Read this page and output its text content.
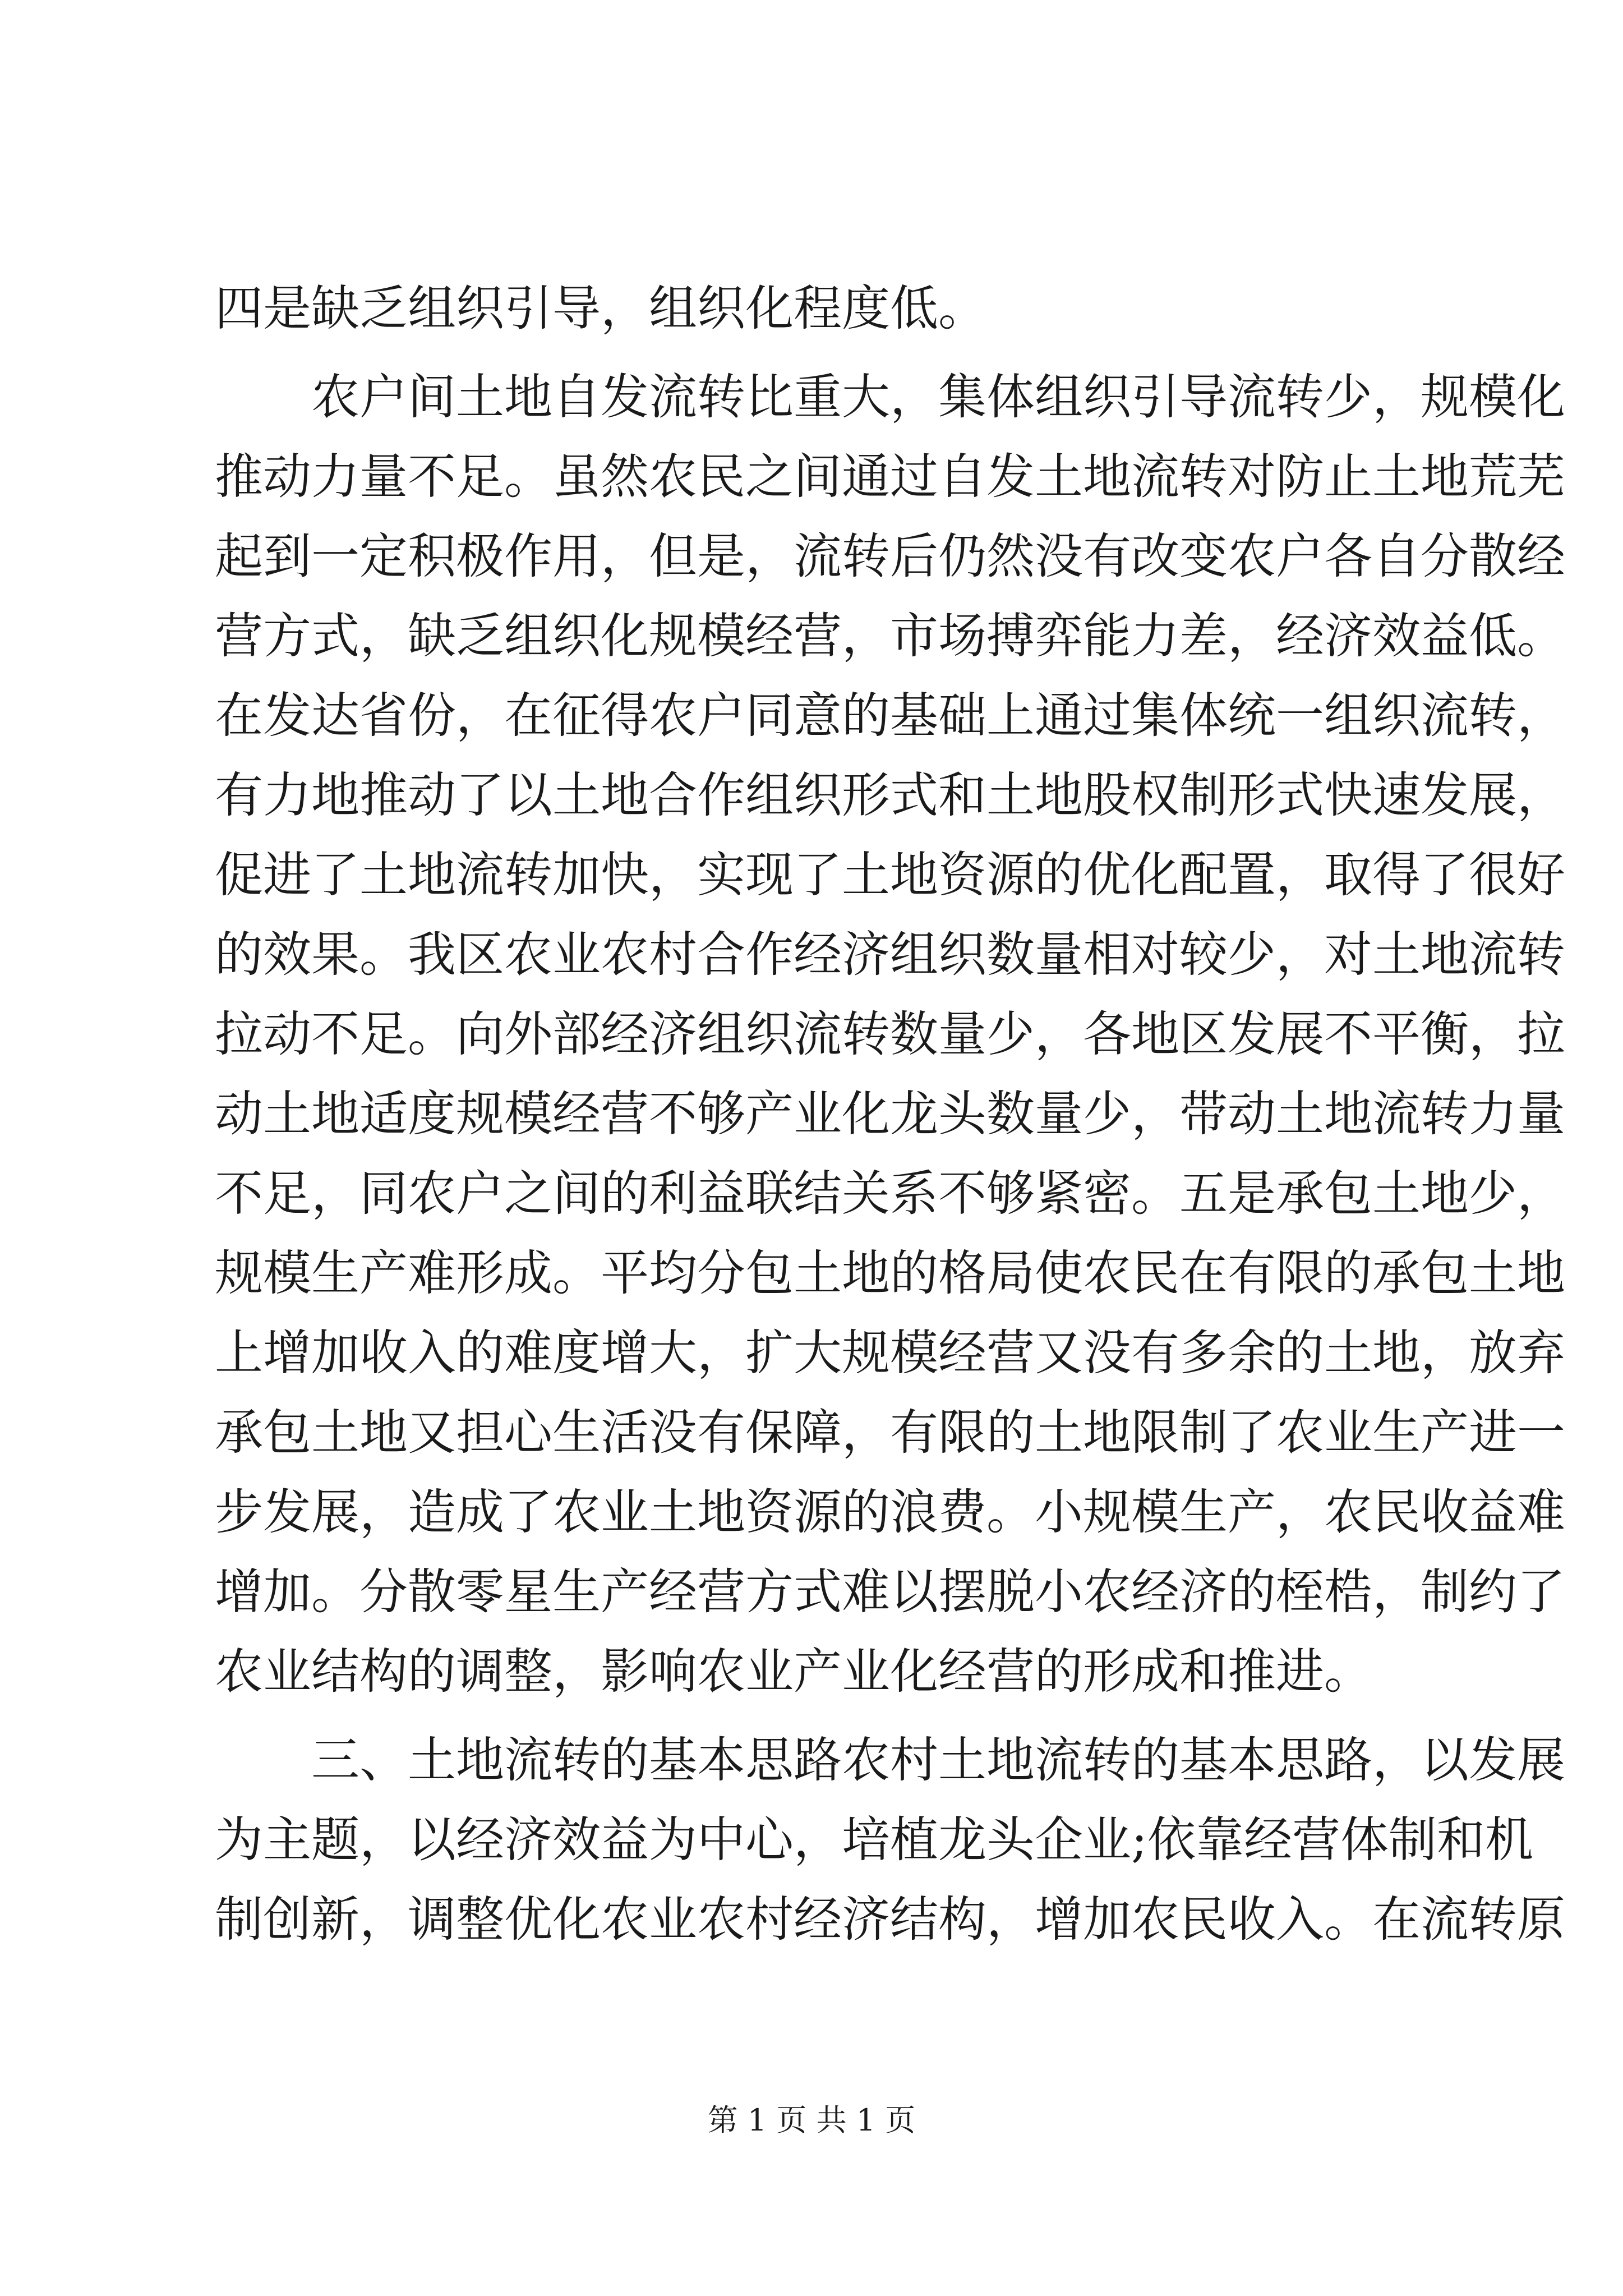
四是缺乏组织引导，组织化程度低。
　　农户间土地自发流转比重大，集体组织引导流转少，规模化
推动力量不足。虽然农民之间通过自发土地流转对防止土地荒芜
起到一定积极作用，但是，流转后仍然没有改变农户各自分散经
营方式，缺乏组织化规模经营，市场搏弈能力差，经济效益低。
在发达省份，在征得农户同意的基础上通过集体统一组织流转，
有力地推动了以土地合作组织形式和土地股权制形式快速发展，
促进了土地流转加快，实现了土地资源的优化配置，取得了很好
的效果。我区农业农村合作经济组织数量相对较少，对土地流转
拉动不足。向外部经济组织流转数量少，各地区发展不平衡，拉
动土地适度规模经营不够产业化龙头数量少，带动土地流转力量
不足，同农户之间的利益联结关系不够紧密。五是承包土地少，
规模生产难形成。平均分包土地的格局使农民在有限的承包土地
上增加收入的难度增大，扩大规模经营又没有多余的土地，放弃
承包土地又担心生活没有保障，有限的土地限制了农业生产进一
步发展，造成了农业土地资源的浪费。小规模生产，农民收益难
增加。分散零星生产经营方式难以摆脱小农经济的桎梏，制约了
农业结构的调整，影响农业产业化经营的形成和推进。
　　三、土地流转的基本思路农村土地流转的基本思路，以发展
为主题，以经济效益为中心，培植龙头企业;依靠经营体制和机
制创新，调整优化农业农村经济结构，增加农民收入。在流转原
第 1 页 共 1 页
